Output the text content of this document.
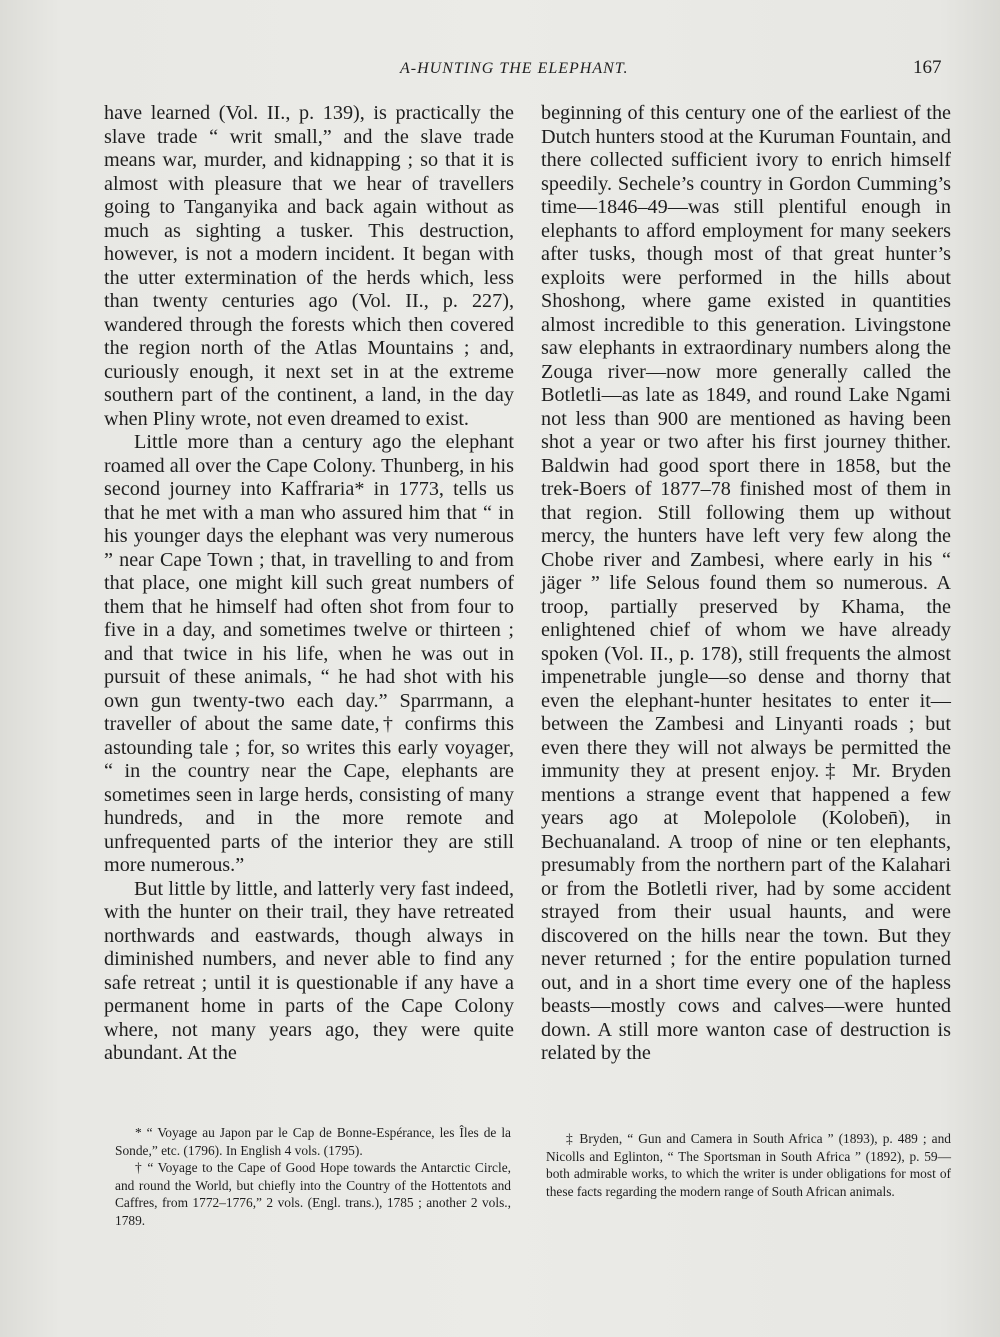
A-HUNTING THE ELEPHANT.	167

have learned (Vol. II., p. 139), is practically the slave trade “ writ small,” and the slave trade means war, murder, and kidnapping ; so that it is almost with pleasure that we hear of travellers going to Tanganyika and back again without as much as sighting a tusker. This destruction, however, is not a modern incident. It began with the utter extermination of the herds which, less than twenty centuries ago (Vol. II., p. 227), wandered through the forests which then covered the region north of the Atlas Mountains ; and, curiously enough, it next set in at the extreme southern part of the continent, a land, in the day when Pliny wrote, not even dreamed to exist.

Little more than a century ago the elephant roamed all over the Cape Colony. Thunberg, in his second journey into Kaffraria* in 1773, tells us that he met with a man who assured him that “ in his younger days the elephant was very numerous ” near Cape Town ; that, in travelling to and from that place, one might kill such great numbers of them that he himself had often shot from four to five in a day, and sometimes twelve or thirteen ; and that twice in his life, when he was out in pursuit of these animals, “ he had shot with his own gun twenty-two each day.” Sparrmann, a traveller of about the same date,† confirms this astounding tale ; for, so writes this early voyager, “ in the country near the Cape, elephants are sometimes seen in large herds, consisting of many hundreds, and in the more remote and unfrequented parts of the interior they are still more numerous.”

But little by little, and latterly very fast indeed, with the hunter on their trail, they have retreated northwards and eastwards, though always in diminished numbers, and never able to find any safe retreat ; until it is questionable if any have a permanent home in parts of the Cape Colony where, not many years ago, they were quite abundant. At the

beginning of this century one of the earliest of the Dutch hunters stood at the Kuruman Fountain, and there collected sufficient ivory to enrich himself speedily. Sechele’s country in Gordon Cumming’s time—1846–49—was still plentiful enough in elephants to afford employment for many seekers after tusks, though most of that great hunter’s exploits were performed in the hills about Shoshong, where game existed in quantities almost incredible to this generation. Livingstone saw elephants in extraordinary numbers along the Zouga river—now more generally called the Botletli—as late as 1849, and round Lake Ngami not less than 900 are mentioned as having been shot a year or two after his first journey thither. Baldwin had good sport there in 1858, but the trek-Boers of 1877–78 finished most of them in that region. Still following them up without mercy, the hunters have left very few along the Chobe river and Zambesi, where early in his “ jäger ” life Selous found them so numerous. A troop, partially preserved by Khama, the enlightened chief of whom we have already spoken (Vol. II., p. 178), still frequents the almost impenetrable jungle—so dense and thorny that even the elephant-hunter hesitates to enter it—between the Zambesi and Linyanti roads ; but even there they will not always be permitted the immunity they at present enjoy.‡ Mr. Bryden mentions a strange event that happened a few years ago at Molepolole (Koloben̄), in Bechuanaland. A troop of nine or ten elephants, presumably from the northern part of the Kalahari or from the Botletli river, had by some accident strayed from their usual haunts, and were discovered on the hills near the town. But they never returned ; for the entire population turned out, and in a short time every one of the hapless beasts—mostly cows and calves—were hunted down. A still more wanton case of destruction is related by the

* “ Voyage au Japon par le Cap de Bonne-Espérance, les Îles de la Sonde,” etc. (1796). In English 4 vols. (1795).

† “ Voyage to the Cape of Good Hope towards the Antarctic Circle, and round the World, but chiefly into the Country of the Hottentots and Caffres, from 1772–1776,” 2 vols. (Engl. trans.), 1785 ; another 2 vols., 1789.

‡ Bryden, “ Gun and Camera in South Africa ” (1893), p. 489 ; and Nicolls and Eglinton, “ The Sportsman in South Africa ” (1892), p. 59—both admirable works, to which the writer is under obligations for most of these facts regarding the modern range of South African animals.
